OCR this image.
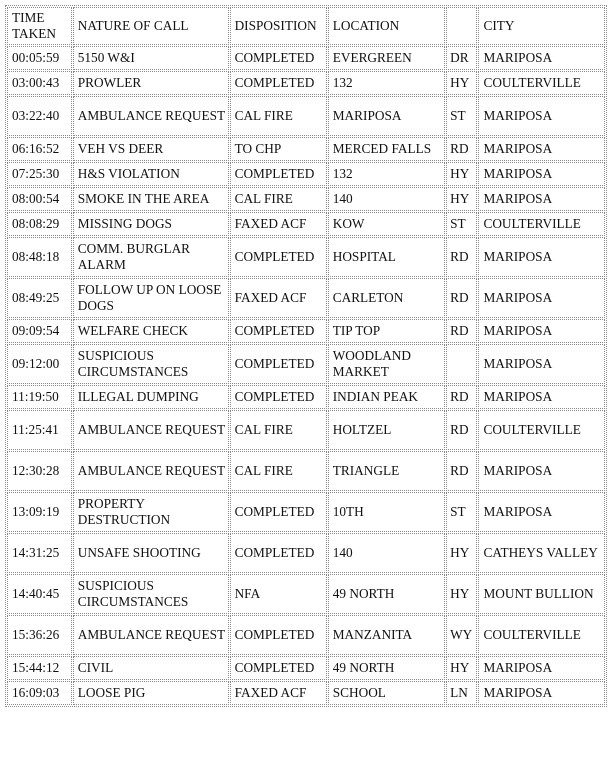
TIME TAKEN	NATURE OF CALL	DISPOSITION	LOCATION		CITY
00:05:59	5150 W&I	COMPLETED	EVERGREEN	DR	MARIPOSA
03:00:43	PROWLER	COMPLETED	132	HY	COULTERVILLE
03:22:40	AMBULANCE REQUEST	CAL FIRE	MARIPOSA	ST	MARIPOSA
06:16:52	VEH VS DEER	TO CHP	MERCED FALLS	RD	MARIPOSA
07:25:30	H&S VIOLATION	COMPLETED	132	HY	MARIPOSA
08:00:54	SMOKE IN THE AREA	CAL FIRE	140	HY	MARIPOSA
08:08:29	MISSING DOGS	FAXED ACF	KOW	ST	COULTERVILLE
08:48:18	COMM. BURGLAR ALARM	COMPLETED	HOSPITAL	RD	MARIPOSA
08:49:25	FOLLOW UP ON LOOSE DOGS	FAXED ACF	CARLETON	RD	MARIPOSA
09:09:54	WELFARE CHECK	COMPLETED	TIP TOP	RD	MARIPOSA
09:12:00	SUSPICIOUS CIRCUMSTANCES	COMPLETED	WOODLAND MARKET		MARIPOSA
11:19:50	ILLEGAL DUMPING	COMPLETED	INDIAN PEAK	RD	MARIPOSA
11:25:41	AMBULANCE REQUEST	CAL FIRE	HOLTZEL	RD	COULTERVILLE
12:30:28	AMBULANCE REQUEST	CAL FIRE	TRIANGLE	RD	MARIPOSA
13:09:19	PROPERTY DESTRUCTION	COMPLETED	10TH	ST	MARIPOSA
14:31:25	UNSAFE SHOOTING	COMPLETED	140	HY	CATHEYS VALLEY
14:40:45	SUSPICIOUS CIRCUMSTANCES	NFA	49 NORTH	HY	MOUNT BULLION
15:36:26	AMBULANCE REQUEST	COMPLETED	MANZANITA	WY	COULTERVILLE
15:44:12	CIVIL	COMPLETED	49 NORTH	HY	MARIPOSA
16:09:03	LOOSE PIG	FAXED ACF	SCHOOL	LN	MARIPOSA
